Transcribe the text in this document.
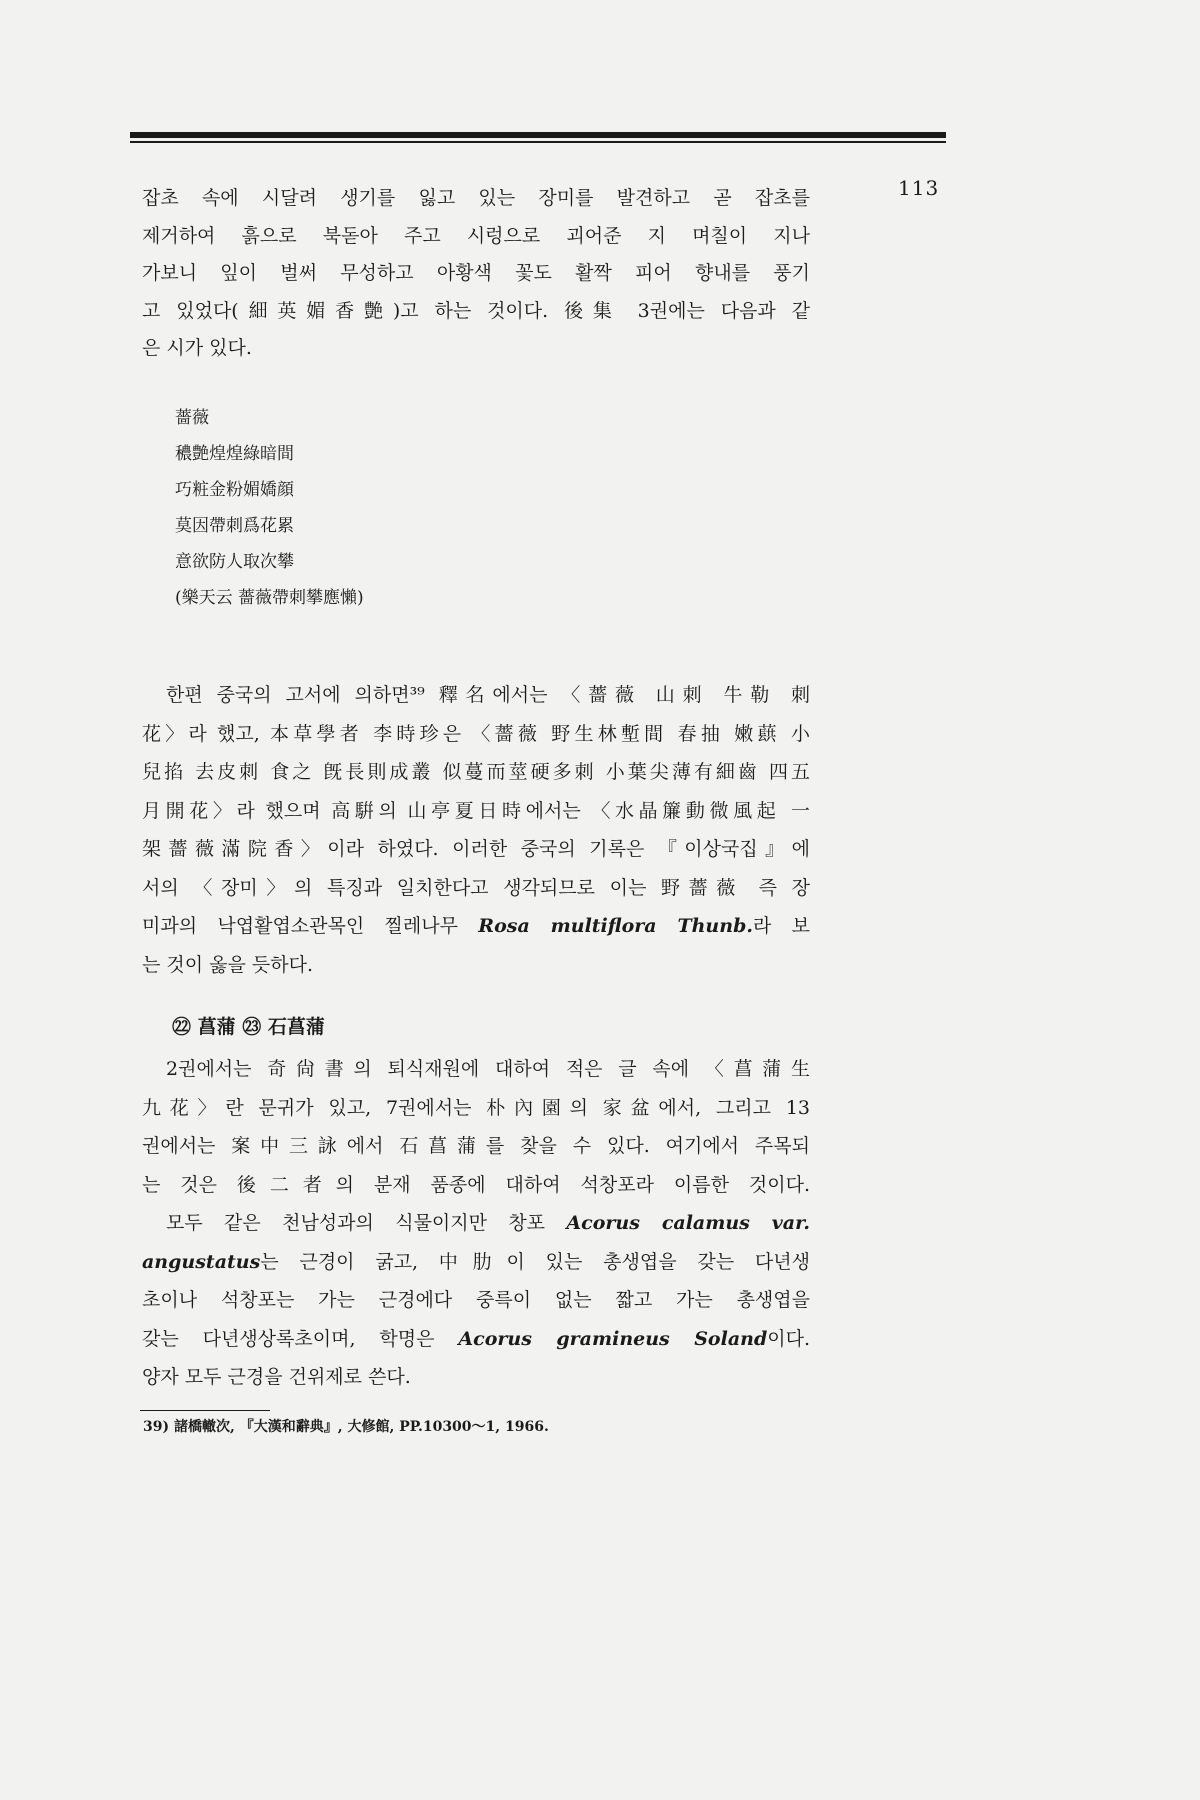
113
잡초 속에 시달려 생기를 잃고 있는 장미를 발견하고 곧 잡초를
제거하여 흙으로 북돋아 주고 시렁으로 괴어준 지 며칠이 지나
가보니 잎이 벌써 무성하고 아황색 꽃도 활짝 피어 향내를 풍기
고 있었다(細英媚香艶)고 하는 것이다. 後集 3권에는 다음과 같
은 시가 있다.
薔薇
穠艶煌煌綠暗間
巧粧金粉媚嬌顔
莫因帶刺爲花累
意欲防人取次攀
(樂天云 薔薇帶刺攀應懶)
한편 중국의 고서에 의하면³⁹ 釋名에서는 〈薔薇 山刺 牛勒 刺
花〉라 했고, 本草學者 李時珍은 〈薔薇 野生林塹間 春抽 嫩蕻 小
兒掐 去皮刺 食之 旣長則成叢 似蔓而莖硬多刺 小葉尖薄有細齒 四五
月開花〉라 했으며 高騈의 山亭夏日時에서는 〈水晶簾動微風起 一
架薔薇滿院香〉이라 하였다. 이러한 중국의 기록은 『이상국집』에
서의 〈장미〉의 특징과 일치한다고 생각되므로 이는 野薔薇 즉 장
미과의 낙엽활엽소관목인 찔레나무 Rosa multiflora Thunb.라 보
는 것이 옳을 듯하다.
㉒ 菖蒲 ㉓ 石菖蒲
2권에서는 奇尙書의 퇴식재원에 대하여 적은 글 속에 〈菖蒲生
九花〉란 문귀가 있고, 7권에서는 朴內園의 家盆에서, 그리고 13
권에서는 案中三詠에서 石菖蒲를 찾을 수 있다. 여기에서 주목되
는 것은 後二者의 분재 품종에 대하여 석창포라 이름한 것이다.
모두 같은 천남성과의 식물이지만 창포 Acorus calamus var.
angustatus는 근경이 굵고, 中肋이 있는 총생엽을 갖는 다년생
초이나 석창포는 가는 근경에다 중륵이 없는 짧고 가는 총생엽을
갖는 다년생상록초이며, 학명은 Acorus gramineus Soland이다.
양자 모두 근경을 건위제로 쓴다.
39) 諸橋轍次, 『大漢和辭典』, 大修館, PP.10300〜1, 1966.
